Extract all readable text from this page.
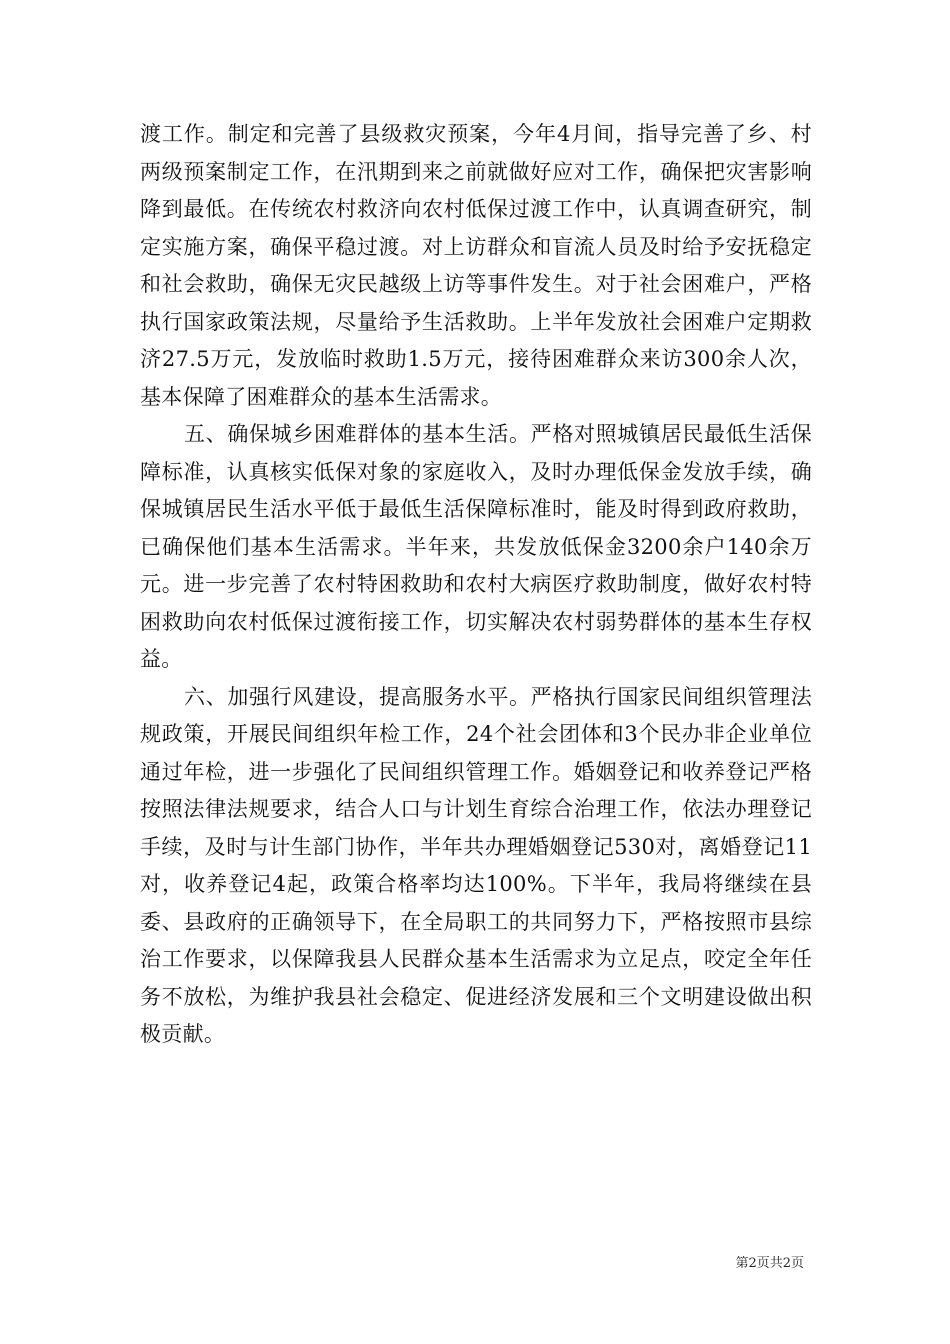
渡工作。制定和完善了县级救灾预案，今年4月间，指导完善了乡、村两级预案制定工作，在汛期到来之前就做好应对工作，确保把灾害影响降到最低。在传统农村救济向农村低保过渡工作中，认真调查研究，制定实施方案，确保平稳过渡。对上访群众和盲流人员及时给予安抚稳定和社会救助，确保无灾民越级上访等事件发生。对于社会困难户，严格执行国家政策法规，尽量给予生活救助。上半年发放社会困难户定期救济27.5万元，发放临时救助1.5万元，接待困难群众来访300余人次，基本保障了困难群众的基本生活需求。

五、确保城乡困难群体的基本生活。严格对照城镇居民最低生活保障标准，认真核实低保对象的家庭收入，及时办理低保金发放手续，确保城镇居民生活水平低于最低生活保障标准时，能及时得到政府救助，已确保他们基本生活需求。半年来，共发放低保金3200余户140余万元。进一步完善了农村特困救助和农村大病医疗救助制度，做好农村特困救助向农村低保过渡衔接工作，切实解决农村弱势群体的基本生存权益。

六、加强行风建设，提高服务水平。严格执行国家民间组织管理法规政策，开展民间组织年检工作，24个社会团体和3个民办非企业单位通过年检，进一步强化了民间组织管理工作。婚姻登记和收养登记严格按照法律法规要求，结合人口与计划生育综合治理工作，依法办理登记手续，及时与计生部门协作，半年共办理婚姻登记530对，离婚登记11对，收养登记4起，政策合格率均达100%。下半年，我局将继续在县委、县政府的正确领导下，在全局职工的共同努力下，严格按照市县综治工作要求，以保障我县人民群众基本生活需求为立足点，咬定全年任务不放松，为维护我县社会稳定、促进经济发展和三个文明建设做出积极贡献。

第2页共2页
